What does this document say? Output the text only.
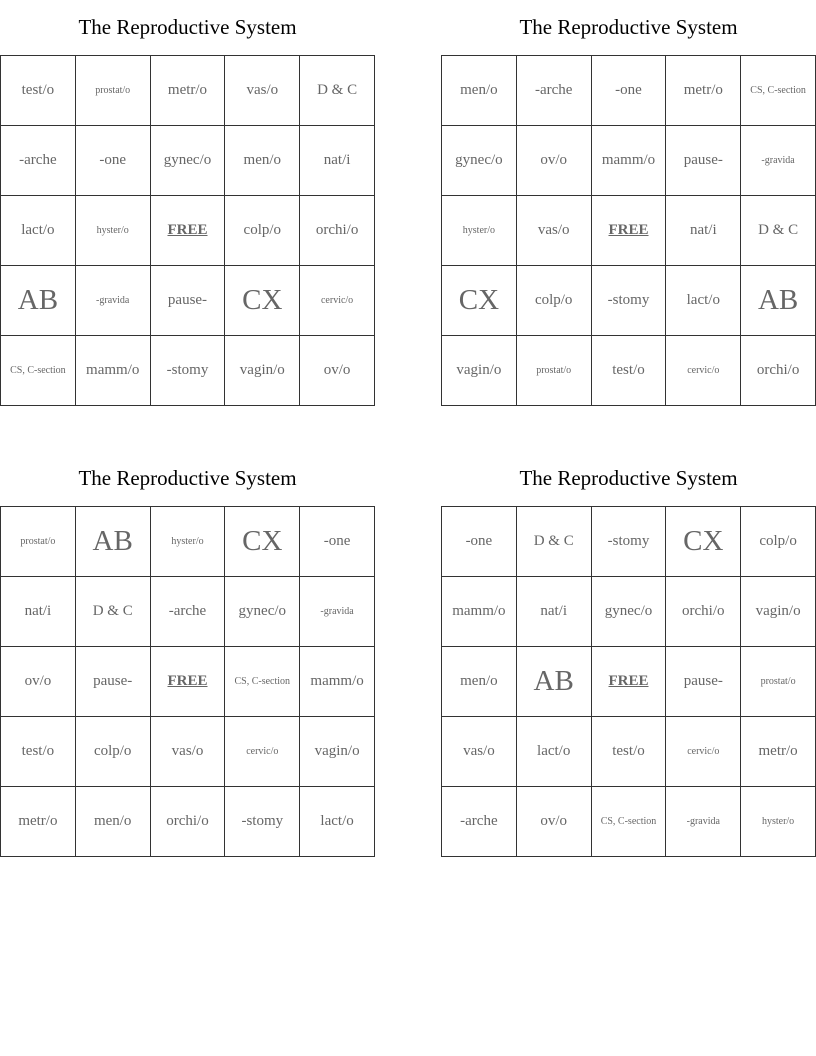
The Reproductive System
test/o	prostat/o	metr/o	vas/o	D & C
-arche	-one	gynec/o	men/o	nat/i
lact/o	hyster/o	FREE	colp/o	orchi/o
AB	-gravida	pause-	CX	cervic/o
CS, C-section	mamm/o	-stomy	vagin/o	ov/o
The Reproductive System
men/o	-arche	-one	metr/o	CS, C-section
gynec/o	ov/o	mamm/o	pause-	-gravida
hyster/o	vas/o	FREE	nat/i	D & C
CX	colp/o	-stomy	lact/o	AB
vagin/o	prostat/o	test/o	cervic/o	orchi/o
The Reproductive System
prostat/o	AB	hyster/o	CX	-one
nat/i	D & C	-arche	gynec/o	-gravida
ov/o	pause-	FREE	CS, C-section	mamm/o
test/o	colp/o	vas/o	cervic/o	vagin/o
metr/o	men/o	orchi/o	-stomy	lact/o
The Reproductive System
-one	D & C	-stomy	CX	colp/o
mamm/o	nat/i	gynec/o	orchi/o	vagin/o
men/o	AB	FREE	pause-	prostat/o
vas/o	lact/o	test/o	cervic/o	metr/o
-arche	ov/o	CS, C-section	-gravida	hyster/o
